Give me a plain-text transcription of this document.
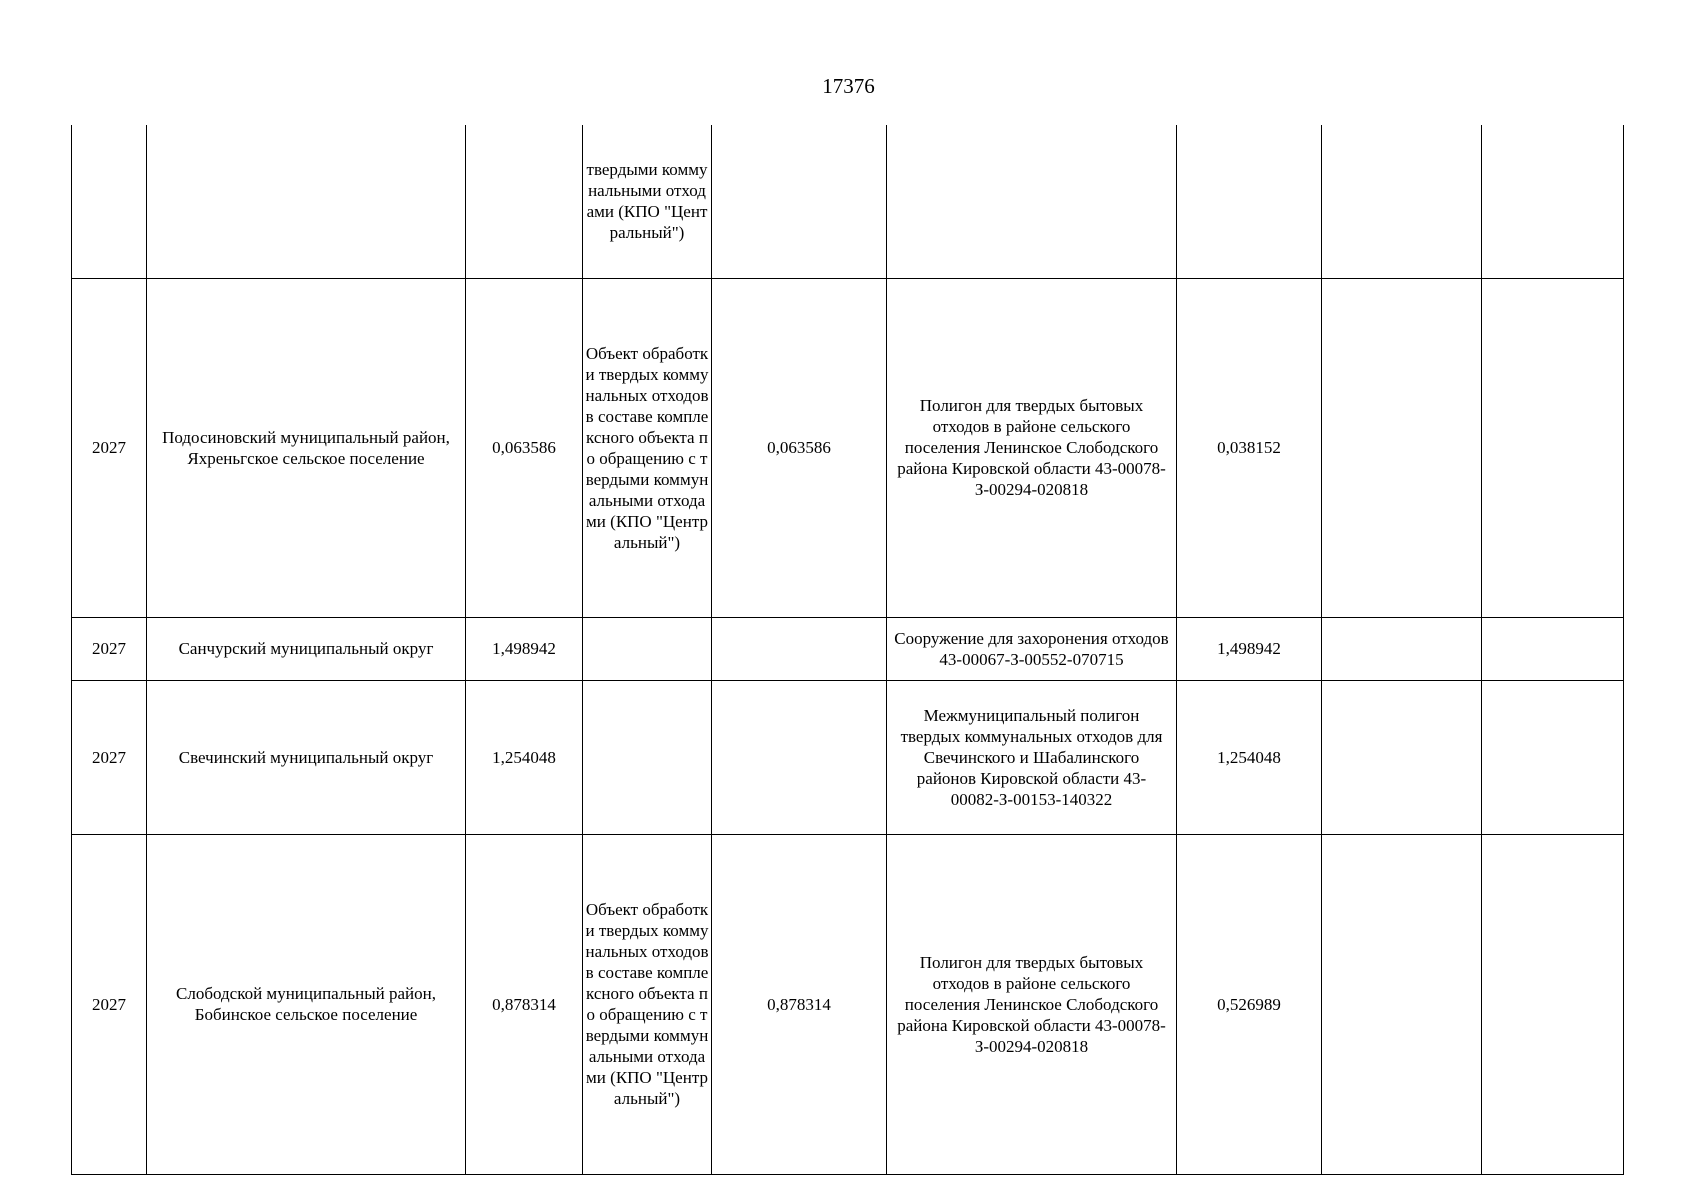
17376
			твердыми коммунальными отходами (КПО "Центральный")					
2027	Подосиновский муниципальный район, Яхреньгское сельское поселение	0,063586	Объект обработки твердых коммунальных отходов в составе комплексного объекта по обращению с твердыми коммунальными отходами (КПО "Центральный")	0,063586	Полигон для твердых бытовых отходов в районе сельского поселения Ленинское Слободского района Кировской области 43-00078-З-00294-020818	0,038152		
2027	Санчурский муниципальный округ	1,498942			Сооружение для захоронения отходов 43-00067-З-00552-070715	1,498942		
2027	Свечинский муниципальный округ	1,254048			Межмуниципальный полигон твердых коммунальных отходов для Свечинского и Шабалинского районов Кировской области 43-00082-З-00153-140322	1,254048		
2027	Слободской муниципальный район, Бобинское сельское поселение	0,878314	Объект обработки твердых коммунальных отходов в составе комплексного объекта по обращению с твердыми коммунальными отходами (КПО "Центральный")	0,878314	Полигон для твердых бытовых отходов в районе сельского поселения Ленинское Слободского района Кировской области 43-00078-З-00294-020818	0,526989		
